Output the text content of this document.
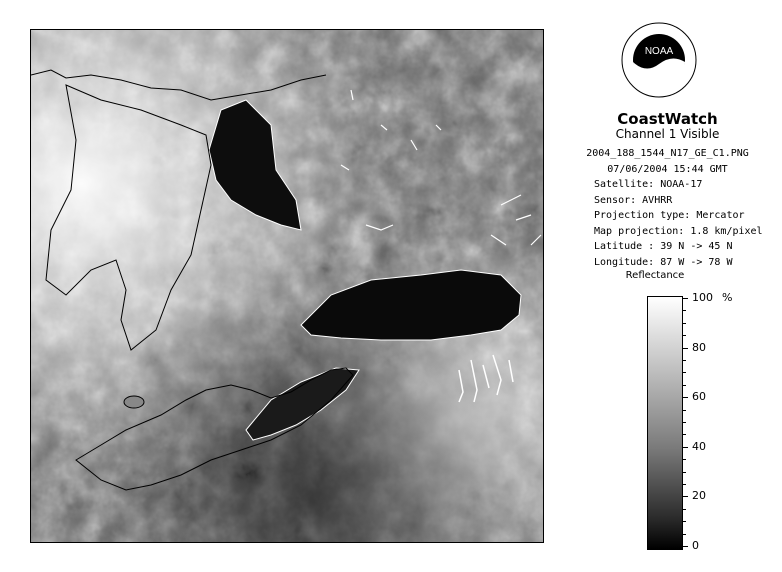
NOAA
CoastWatch
Channel 1 Visible
2004_188_1544_N17_GE_C1.PNG
07/06/2004 15:44 GMT
Satellite: NOAA-17
Sensor: AVHRR
Projection type: Mercator
Map projection: 1.8 km/pixel
Latitude : 39 N -> 45 N
Longitude: 87 W -> 78 W
Reflectance
%
100
80
60
40
20
0
